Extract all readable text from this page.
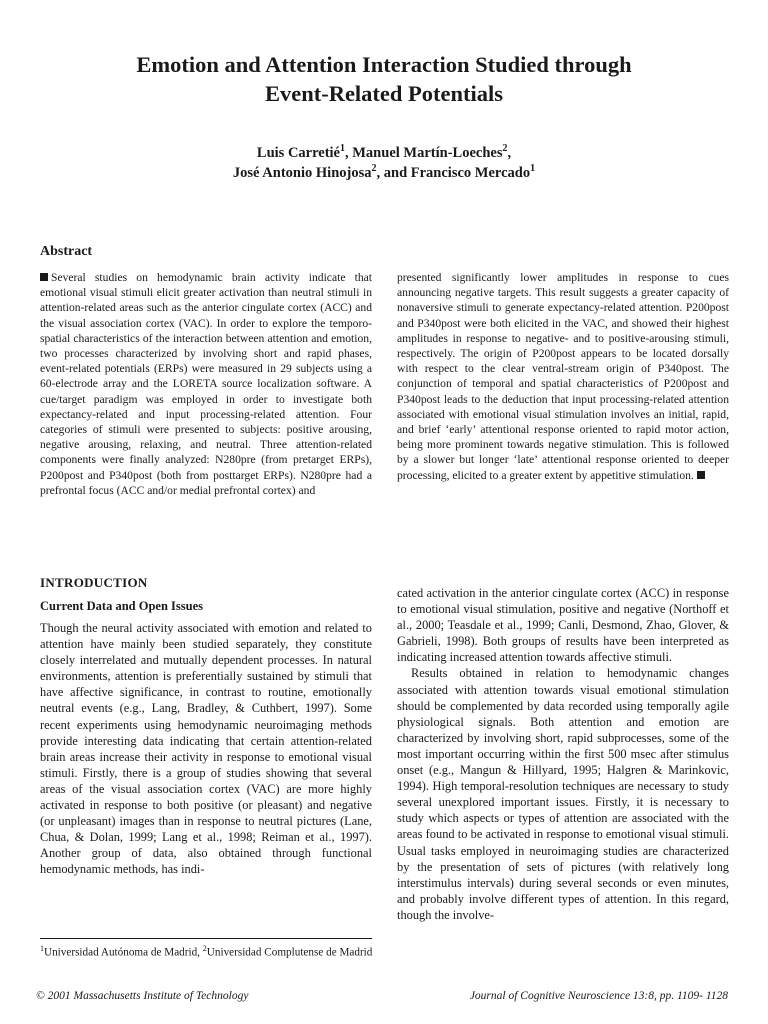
Emotion and Attention Interaction Studied through
Event-Related Potentials
Luis Carretié$^1$, Manuel Martín-Loeches$^2$,
José Antonio Hinojosa$^2$, and Francisco Mercado$^1$
Abstract
Several studies on hemodynamic brain activity indicate that emotional visual stimuli elicit greater activation than neutral stimuli in attention-related areas such as the anterior cingulate cortex (ACC) and the visual association cortex (VAC). In order to explore the temporo-spatial characteristics of the interaction between attention and emotion, two processes characterized by involving short and rapid phases, event-related potentials (ERPs) were measured in 29 subjects using a 60-electrode array and the LORETA source localization software. A cue/target paradigm was employed in order to investigate both expectancy-related and input processing-related attention. Four categories of stimuli were presented to subjects: positive arousing, negative arousing, relaxing, and neutral. Three attention-related components were finally analyzed: N280pre (from pretarget ERPs), P200post and P340post (both from posttarget ERPs). N280pre had a prefrontal focus (ACC and/or medial prefrontal cortex) and
presented significantly lower amplitudes in response to cues announcing negative targets. This result suggests a greater capacity of nonaversive stimuli to generate expectancy-related attention. P200post and P340post were both elicited in the VAC, and showed their highest amplitudes in response to negative- and to positive-arousing stimuli, respectively. The origin of P200post appears to be located dorsally with respect to the clear ventral-stream origin of P340post. The conjunction of temporal and spatial characteristics of P200post and P340post leads to the deduction that input processing-related attention associated with emotional visual stimulation involves an initial, rapid, and brief ‘early’ attentional response oriented to rapid motor action, being more prominent towards negative stimulation. This is followed by a slower but longer ‘late’ attentional response oriented to deeper processing, elicited to a greater extent by appetitive stimulation.
INTRODUCTION
Current Data and Open Issues

Though the neural activity associated with emotion and related to attention have mainly been studied separately, they constitute closely interrelated and mutually dependent processes. In natural environments, attention is preferentially sustained by stimuli that have affective significance, in contrast to routine, emotionally neutral events (e.g., Lang, Bradley, & Cuthbert, 1997). Some recent experiments using hemodynamic neuroimaging methods provide interesting data indicating that certain attention-related brain areas increase their activity in response to emotional visual stimuli. Firstly, there is a group of studies showing that several areas of the visual association cortex (VAC) are more highly activated in response to both positive (or pleasant) and negative (or unpleasant) images than in response to neutral pictures (Lane, Chua, & Dolan, 1999; Lang et al., 1998; Reiman et al., 1997). Another group of data, also obtained through functional hemodynamic methods, has indi-

cated activation in the anterior cingulate cortex (ACC) in response to emotional visual stimulation, positive and negative (Northoff et al., 2000; Teasdale et al., 1999; Canli, Desmond, Zhao, Glover, & Gabrieli, 1998). Both groups of results have been interpreted as indicating increased attention towards affective stimuli.

Results obtained in relation to hemodynamic changes associated with attention towards visual emotional stimulation should be complemented by data recorded using temporally agile physiological signals. Both attention and emotion are characterized by involving short, rapid subprocesses, some of the most important occurring within the first 500 msec after stimulus onset (e.g., Mangun & Hillyard, 1995; Halgren & Marinkovic, 1994). High temporal-resolution techniques are necessary to study several unexplored important issues. Firstly, it is necessary to study which aspects or types of attention are associated with the areas found to be activated in response to emotional visual stimuli. Usual tasks employed in neuroimaging studies are characterized by the presentation of sets of pictures (with relatively long interstimulus intervals) during several seconds or even minutes, and probably involve different types of attention. In this regard, though the involve-

$^1$Universidad Autónoma de Madrid, $^2$Universidad Complutense de Madrid
© 2001 Massachusetts Institute of Technology	Journal of Cognitive Neuroscience 13:8, pp. 1109- 1128
